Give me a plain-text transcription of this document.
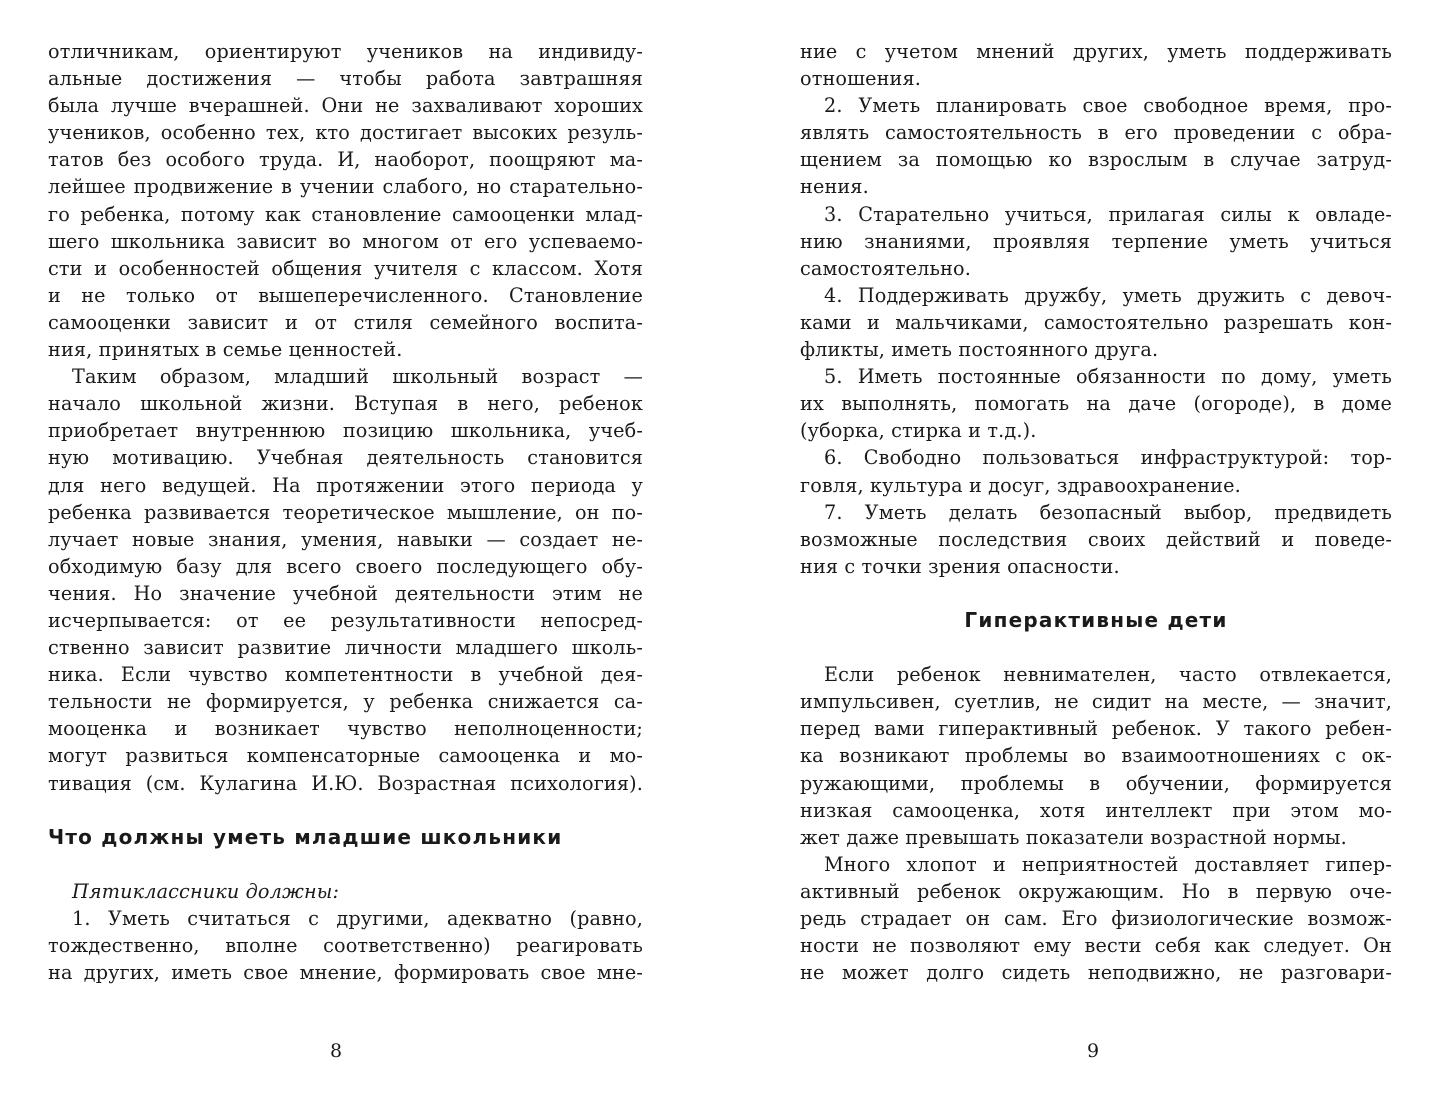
отличникам, ориентируют учеников на индивиду-
альные достижения — чтобы работа завтрашняя
была лучше вчерашней. Они не захваливают хороших
учеников, особенно тех, кто достигает высоких резуль-
татов без особого труда. И, наоборот, поощряют ма-
лейшее продвижение в учении слабого, но старательно-
го ребенка, потому как становление самооценки млад-
шего школьника зависит во многом от его успеваемо-
сти и особенностей общения учителя с классом. Хотя
и не только от вышеперечисленного. Становление
самооценки зависит и от стиля семейного воспита-
ния, принятых в семье ценностей.
Таким образом, младший школьный возраст —
начало школьной жизни. Вступая в него, ребенок
приобретает внутреннюю позицию школьника, учеб-
ную мотивацию. Учебная деятельность становится
для него ведущей. На протяжении этого периода у
ребенка развивается теоретическое мышление, он по-
лучает новые знания, умения, навыки — создает не-
обходимую базу для всего своего последующего обу-
чения. Но значение учебной деятельности этим не
исчерпывается: от ее результативности непосред-
ственно зависит развитие личности младшего школь-
ника. Если чувство компетентности в учебной дея-
тельности не формируется, у ребенка снижается са-
мооценка и возникает чувство неполноценности;
могут развиться компенсаторные самооценка и мо-
тивация (см. Кулагина И.Ю. Возрастная психология).
Что должны уметь младшие школьники
Пятиклассники должны:
1. Уметь считаться с другими, адекватно (равно,
тождественно, вполне соответственно) реагировать
на других, иметь свое мнение, формировать свое мне-
8
ние с учетом мнений других, уметь поддерживать
отношения.
2. Уметь планировать свое свободное время, про-
являть самостоятельность в его проведении с обра-
щением за помощью ко взрослым в случае затруд-
нения.
3. Старательно учиться, прилагая силы к овладе-
нию знаниями, проявляя терпение уметь учиться
самостоятельно.
4. Поддерживать дружбу, уметь дружить с девоч-
ками и мальчиками, самостоятельно разрешать кон-
фликты, иметь постоянного друга.
5. Иметь постоянные обязанности по дому, уметь
их выполнять, помогать на даче (огороде), в доме
(уборка, стирка и т.д.).
6. Свободно пользоваться инфраструктурой: тор-
говля, культура и досуг, здравоохранение.
7. Уметь делать безопасный выбор, предвидеть
возможные последствия своих действий и поведе-
ния с точки зрения опасности.
Гиперактивные дети
Если ребенок невнимателен, часто отвлекается,
импульсивен, суетлив, не сидит на месте, — значит,
перед вами гиперактивный ребенок. У такого ребен-
ка возникают проблемы во взаимоотношениях с ок-
ружающими, проблемы в обучении, формируется
низкая самооценка, хотя интеллект при этом мо-
жет даже превышать показатели возрастной нормы.
Много хлопот и неприятностей доставляет гипер-
активный ребенок окружающим. Но в первую оче-
редь страдает он сам. Его физиологические возмож-
ности не позволяют ему вести себя как следует. Он
не может долго сидеть неподвижно, не разговари-
9
